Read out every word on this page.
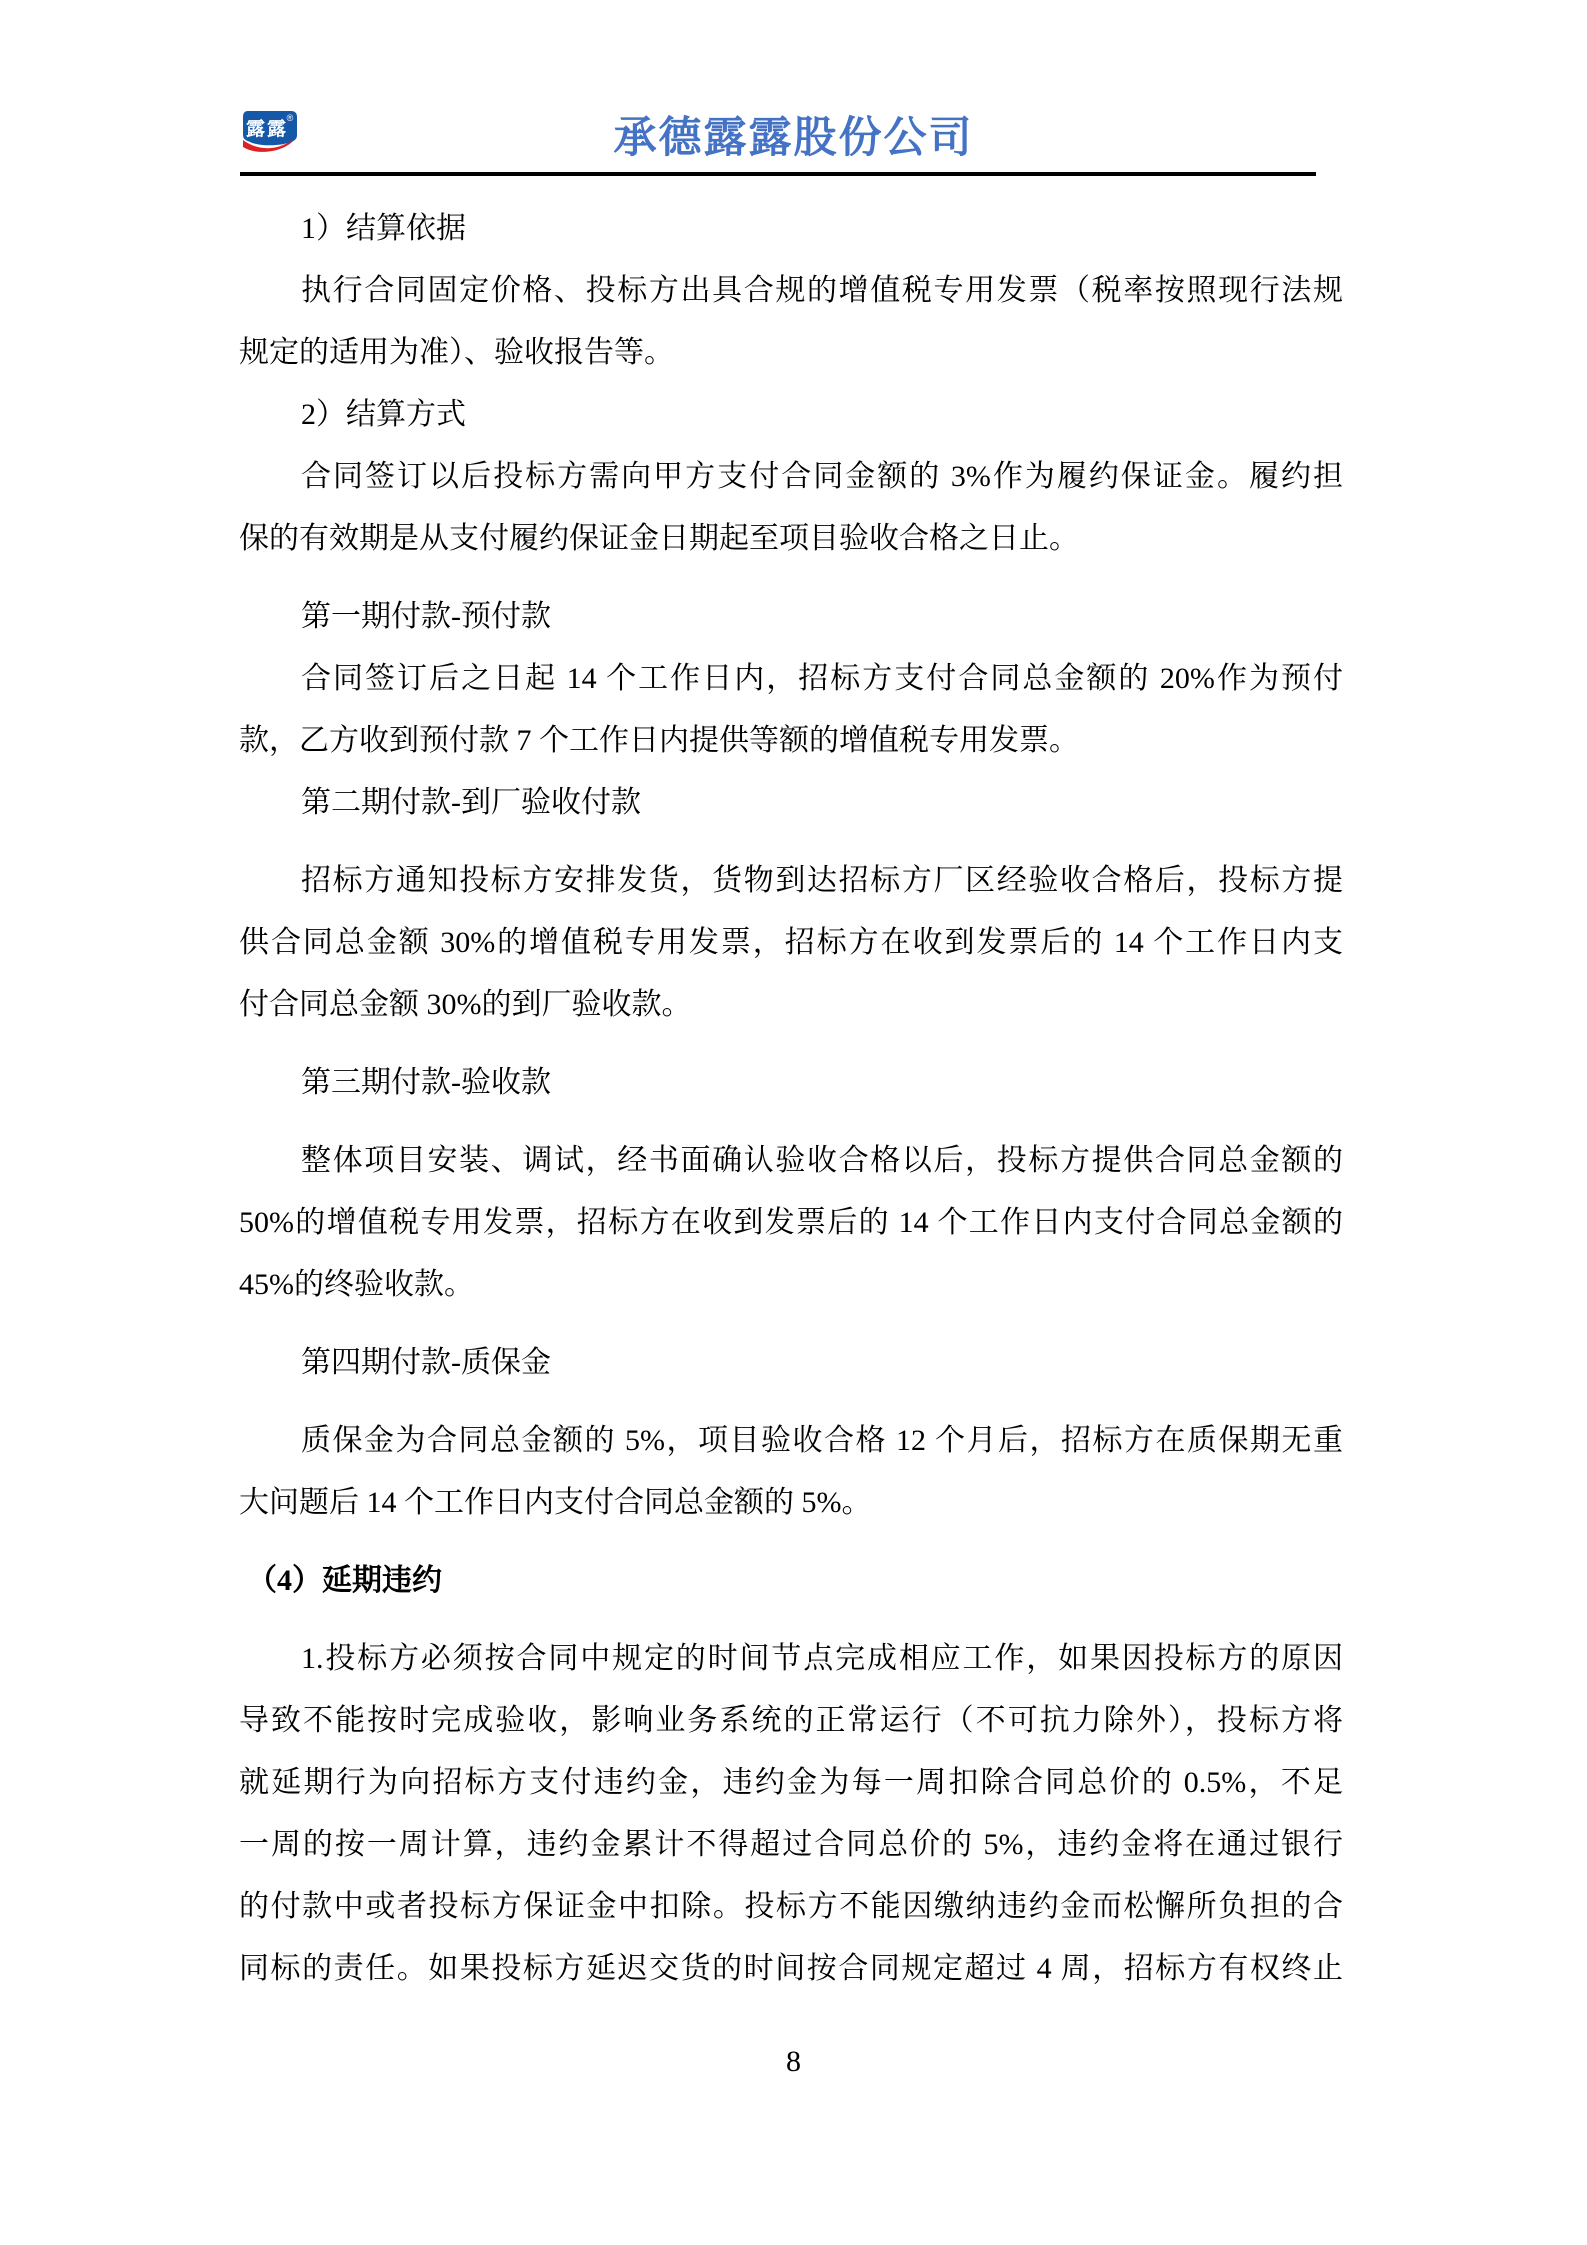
露露
®	承德露露股份公司
1）结算依据
执行合同固定价格、投标方出具合规的增值税专用发票（税率按照现行法规
规定的适用为准）、验收报告等。
2）结算方式
合同签订以后投标方需向甲方支付合同金额的 3%作为履约保证金。履约担
保的有效期是从支付履约保证金日期起至项目验收合格之日止。
第一期付款-预付款
合同签订后之日起 14 个工作日内，招标方支付合同总金额的 20%作为预付
款，乙方收到预付款 7 个工作日内提供等额的增值税专用发票。
第二期付款-到厂验收付款
招标方通知投标方安排发货，货物到达招标方厂区经验收合格后，投标方提
供合同总金额 30%的增值税专用发票，招标方在收到发票后的 14 个工作日内支
付合同总金额 30%的到厂验收款。
第三期付款-验收款
整体项目安装、调试，经书面确认验收合格以后，投标方提供合同总金额的
50%的增值税专用发票，招标方在收到发票后的 14 个工作日内支付合同总金额的
45%的终验收款。
第四期付款-质保金
质保金为合同总金额的 5%，项目验收合格 12 个月后，招标方在质保期无重
大问题后 14 个工作日内支付合同总金额的 5%。
（4）延期违约
1.投标方必须按合同中规定的时间节点完成相应工作，如果因投标方的原因
导致不能按时完成验收，影响业务系统的正常运行（不可抗力除外），投标方将
就延期行为向招标方支付违约金，违约金为每一周扣除合同总价的 0.5%，不足
一周的按一周计算，违约金累计不得超过合同总价的 5%，违约金将在通过银行
的付款中或者投标方保证金中扣除。投标方不能因缴纳违约金而松懈所负担的合
同标的责任。如果投标方延迟交货的时间按合同规定超过 4 周，招标方有权终止
8
